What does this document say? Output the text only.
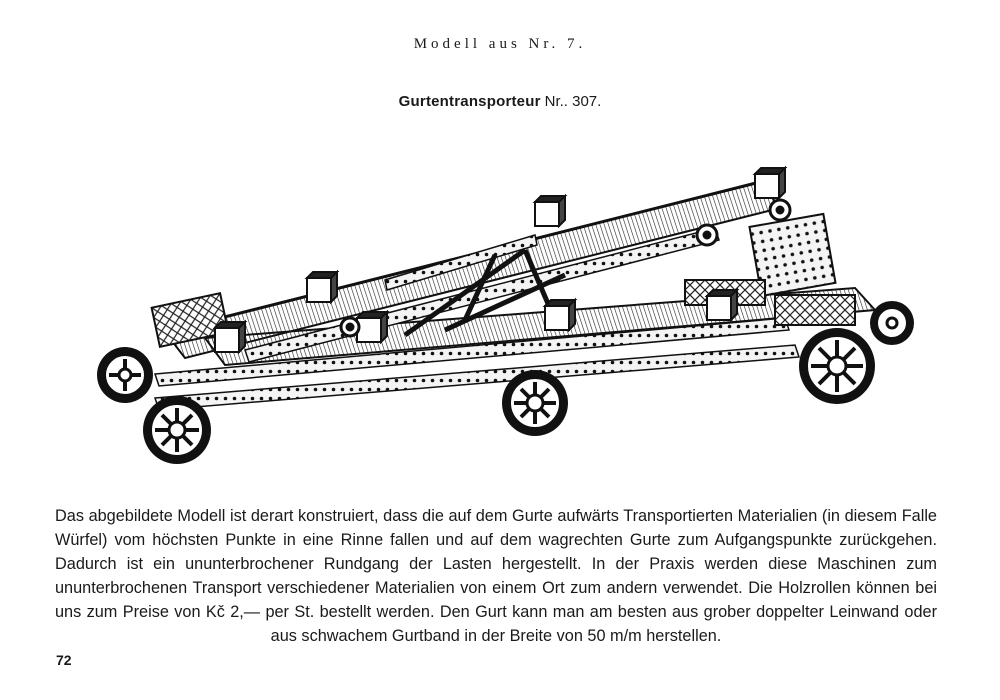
Modell aus Nr. 7.
Gurtentransporteur Nr.. 307.
Das abgebildete Modell ist derart konstruiert, dass die auf dem Gurte aufwärts Transportierten Materialien (in diesem Falle Würfel) vom höchsten Punkte in eine Rinne fallen und auf dem wagrechten Gurte zum Aufgangspunkte zurückgehen. Dadurch ist ein ununterbrochener Rundgang der Lasten hergestellt. In der Praxis werden diese Maschinen zum ununterbrochenen Transport verschiedener Materialien von einem Ort zum andern verwendet. Die Holzrollen können bei uns zum Preise von Kč 2,— per St. bestellt werden. Den Gurt kann man am besten aus grober doppelter Leinwand oder aus schwachem Gurtband in der Breite von 50 m/m herstellen.
72
